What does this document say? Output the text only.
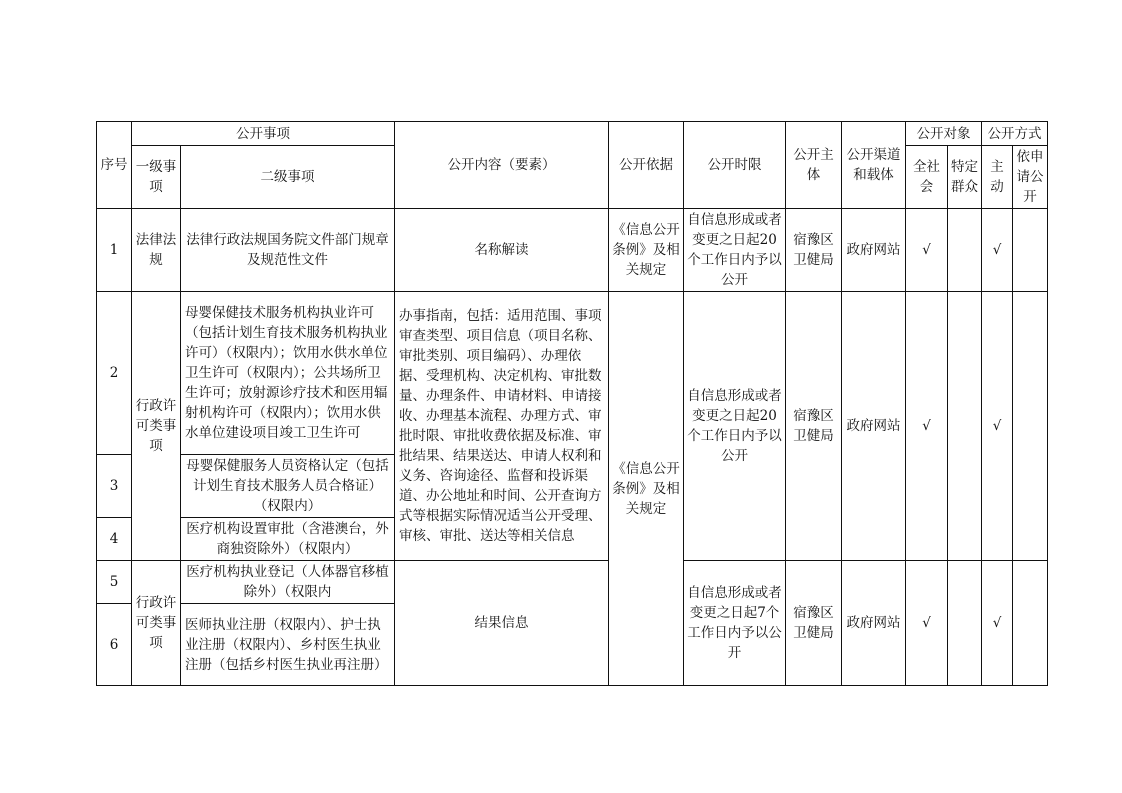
序号	公开事项		公开内容（要素）	公开依据	公开时限	公开主体	公开渠道和载体	公开对象		公开方式	
	一级事项	二级事项						全社会	特定群众	主动	依申请公开
1	法律法规	法律行政法规国务院文件部门规章及规范性文件	名称解读	《信息公开条例》及相关规定	自信息形成或者变更之日起20个工作日内予以公开	宿豫区卫健局	政府网站	√		√	
2	行政许可类事项	母婴保健技术服务机构执业许可（包括计划生育技术服务机构执业许可）（权限内）；饮用水供水单位卫生许可（权限内）；公共场所卫生许可；放射源诊疗技术和医用辐射机构许可（权限内）；饮用水供水单位建设项目竣工卫生许可	办事指南，包括：适用范围、事项审查类型、项目信息（项目名称、审批类别、项目编码）、办理依据、受理机构、决定机构、审批数量、办理条件、申请材料、申请接收、办理基本流程、办理方式、审批时限、审批收费依据及标准、审批结果、结果送达、申请人权利和义务、咨询途径、监督和投诉渠道、办公地址和时间、公开查询方式等根据实际情况适当公开受理、审核、审批、送达等相关信息	《信息公开条例》及相关规定	自信息形成或者变更之日起20个工作日内予以公开	宿豫区卫健局	政府网站	√		√	
3		母婴保健服务人员资格认定（包括计划生育技术服务人员合格证）（权限内）									
4		医疗机构设置审批（含港澳台，外商独资除外）（权限内）									
5	行政许可类事项	医疗机构执业登记（人体器官移植除外）（权限内	结果信息		自信息形成或者变更之日起7个工作日内予以公开	宿豫区卫健局	政府网站	√		√	
6		医师执业注册（权限内）、护士执业注册（权限内）、乡村医生执业注册（包括乡村医生执业再注册）									
